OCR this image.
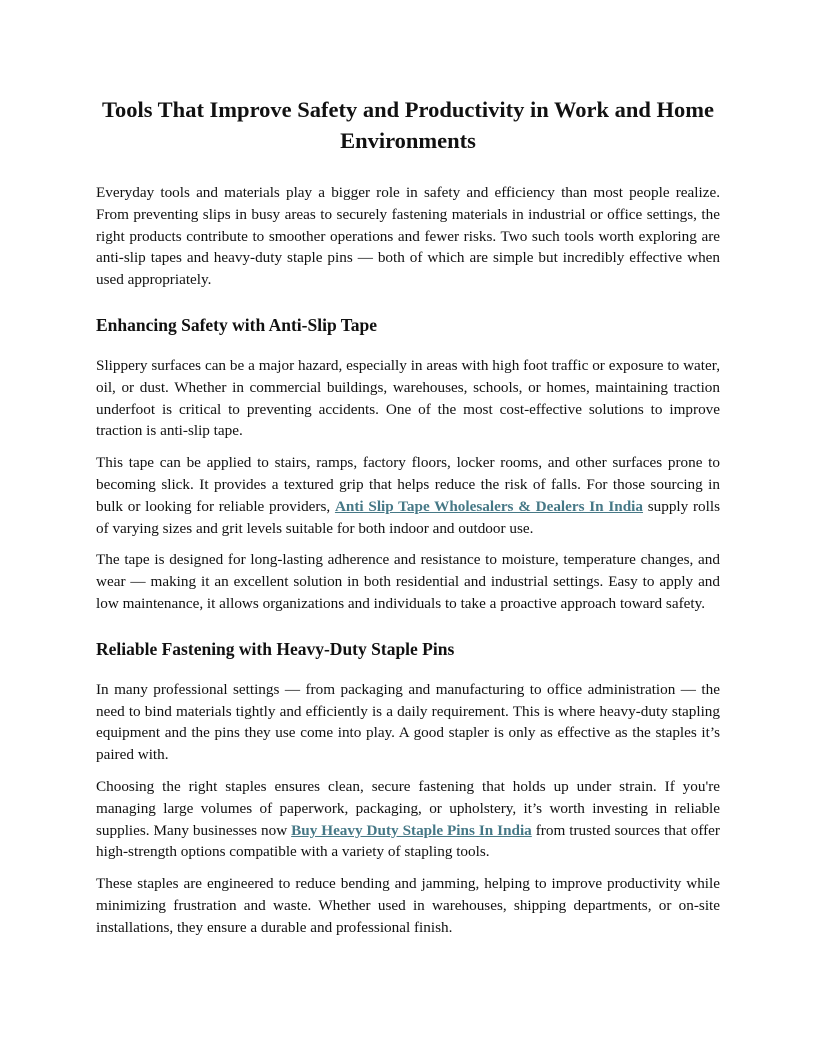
Tools That Improve Safety and Productivity in Work and Home Environments

Everyday tools and materials play a bigger role in safety and efficiency than most people realize. From preventing slips in busy areas to securely fastening materials in industrial or office settings, the right products contribute to smoother operations and fewer risks. Two such tools worth exploring are anti-slip tapes and heavy-duty staple pins — both of which are simple but incredibly effective when used appropriately.

Enhancing Safety with Anti-Slip Tape

Slippery surfaces can be a major hazard, especially in areas with high foot traffic or exposure to water, oil, or dust. Whether in commercial buildings, warehouses, schools, or homes, maintaining traction underfoot is critical to preventing accidents. One of the most cost-effective solutions to improve traction is anti-slip tape.

This tape can be applied to stairs, ramps, factory floors, locker rooms, and other surfaces prone to becoming slick. It provides a textured grip that helps reduce the risk of falls. For those sourcing in bulk or looking for reliable providers, Anti Slip Tape Wholesalers & Dealers In India supply rolls of varying sizes and grit levels suitable for both indoor and outdoor use.

The tape is designed for long-lasting adherence and resistance to moisture, temperature changes, and wear — making it an excellent solution in both residential and industrial settings. Easy to apply and low maintenance, it allows organizations and individuals to take a proactive approach toward safety.

Reliable Fastening with Heavy-Duty Staple Pins

In many professional settings — from packaging and manufacturing to office administration — the need to bind materials tightly and efficiently is a daily requirement. This is where heavy-duty stapling equipment and the pins they use come into play. A good stapler is only as effective as the staples it’s paired with.

Choosing the right staples ensures clean, secure fastening that holds up under strain. If you're managing large volumes of paperwork, packaging, or upholstery, it’s worth investing in reliable supplies. Many businesses now Buy Heavy Duty Staple Pins In India from trusted sources that offer high-strength options compatible with a variety of stapling tools.

These staples are engineered to reduce bending and jamming, helping to improve productivity while minimizing frustration and waste. Whether used in warehouses, shipping departments, or on-site installations, they ensure a durable and professional finish.
